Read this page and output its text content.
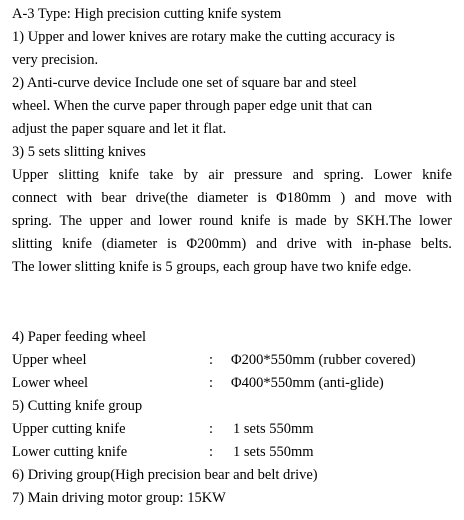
A-3 Type: High precision cutting knife system
1) Upper and lower knives are rotary make the cutting accuracy is
very precision.
2) Anti-curve device Include one set of square bar and steel
wheel. When the curve paper through paper edge unit that can
adjust the paper square and let it flat.
3) 5 sets slitting knives
Upper slitting knife take by air pressure and spring. Lower knife
connect with bear drive(the diameter is Φ180mm ) and move with
spring. The upper and lower round knife is made by SKH.The lower
slitting knife (diameter is Φ200mm) and drive with in-phase belts.
The lower slitting knife is 5 groups, each group have two knife edge.
4) Paper feeding wheel
Upper wheel	: Φ200*550mm (rubber covered)
Lower wheel	: Φ400*550mm (anti-glide)
5) Cutting knife group
Upper cutting knife	: 1 sets 550mm
Lower cutting knife	: 1 sets 550mm
6) Driving group(High precision bear and belt drive)
7) Main driving motor group: 15KW
